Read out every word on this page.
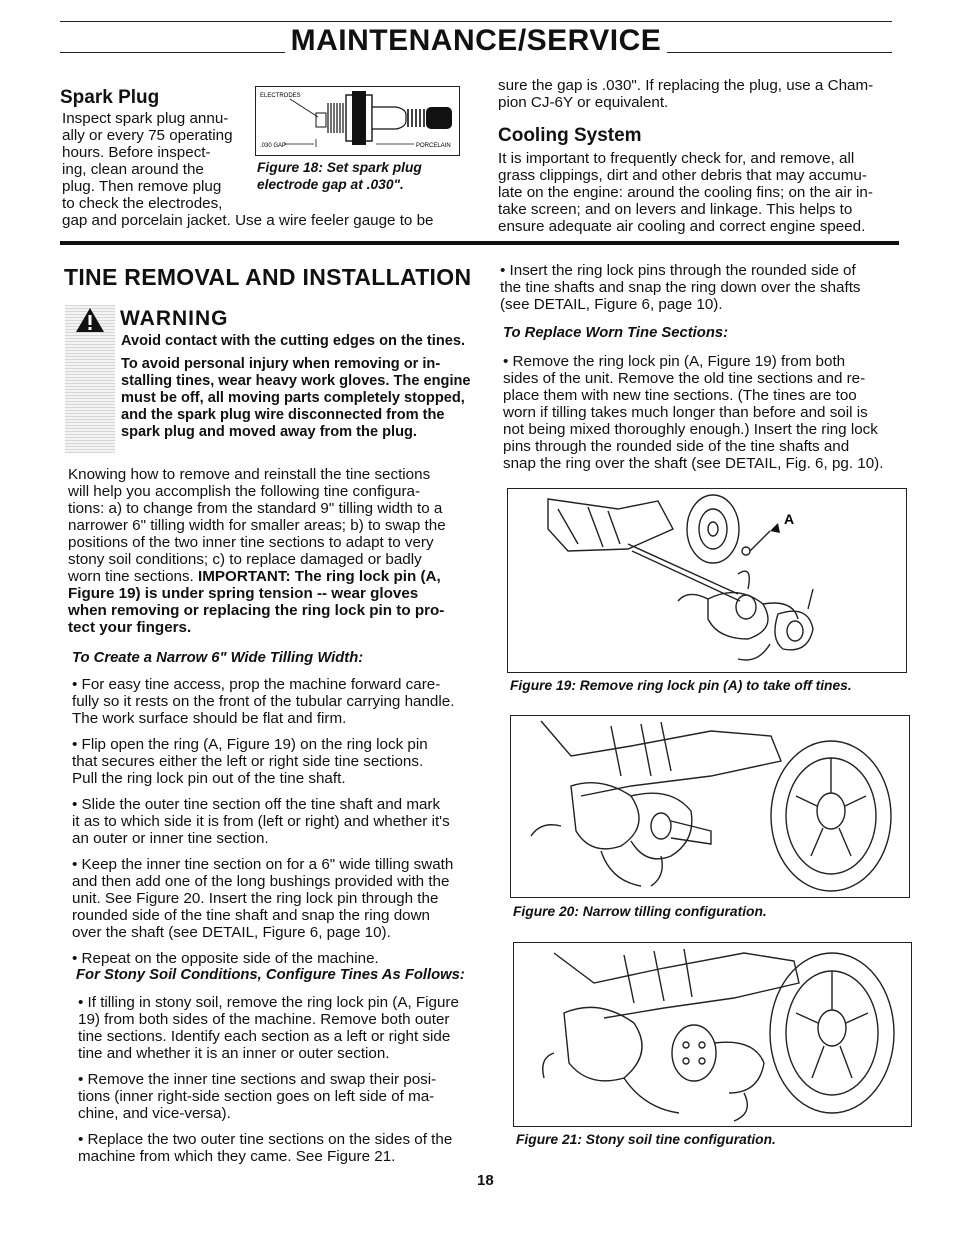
MAINTENANCE/SERVICE
Spark Plug

Inspect spark plug annu-

ally or every 75 operating

hours. Before inspect-

ing, clean around the

plug. Then remove plug

to check the electrodes,

gap and porcelain jacket. Use a wire feeler gauge to be
ELECTRODES
.030 GAP	PORCELAIN
Figure 18: Set spark plug
electrode gap at .030".

sure the gap is .030". If replacing the plug, use a Cham-

pion CJ-6Y or equivalent.

Cooling System

It is important to frequently check for, and remove, all

grass clippings, dirt and other debris that may accumu-

late on the engine: around the cooling fins; on the air in-

take screen; and on levers and linkage. This helps to

ensure adequate air cooling and correct engine speed.

TINE REMOVAL AND INSTALLATION
WARNING
Avoid contact with the cutting edges on the tines.
To avoid personal injury when removing or in-
stalling tines, wear heavy work gloves. The engine
must be off, all moving parts completely stopped,
and the spark plug wire disconnected from the
spark plug and moved away from the plug.

Knowing how to remove and reinstall the tine sections

will help you accomplish the following tine configura-

tions: a) to change from the standard 9" tilling width to a

narrower 6" tilling width for smaller areas; b) to swap the

positions of the two inner tine sections to adapt to very

stony soil conditions; c) to replace damaged or badly

worn tine sections. IMPORTANT: The ring lock pin (A,

Figure 19) is under spring tension -- wear gloves

when removing or replacing the ring lock pin to pro-

tect your fingers.

To Create a Narrow 6" Wide Tilling Width:

• For easy tine access, prop the machine forward care-

fully so it rests on the front of the tubular carrying handle.

The work surface should be flat and firm.

• Flip open the ring (A, Figure 19) on the ring lock pin

that secures either the left or right side tine sections.

Pull the ring lock pin out of the tine shaft.

• Slide the outer tine section off the tine shaft and mark

it as to which side it is from (left or right) and whether it's

an outer or inner tine section.

• Keep the inner tine section on for a 6" wide tilling swath

and then add one of the long bushings provided with the

unit. See Figure 20. Insert the ring lock pin through the

rounded side of the tine shaft and snap the ring down

over the shaft (see DETAIL, Figure 6, page 10).

• Repeat on the opposite side of the machine.

For Stony Soil Conditions, Configure Tines As Follows:

• If tilling in stony soil, remove the ring lock pin (A, Figure

19) from both sides of the machine. Remove both outer

tine sections. Identify each section as a left or right side

tine and whether it is an inner or outer section.

• Remove the inner tine sections and swap their posi-

tions (inner right-side section goes on left side of ma-

chine, and vice-versa).

• Replace the two outer tine sections on the sides of the

machine from which they came. See Figure 21.

• Insert the ring lock pins through the rounded side of

the tine shafts and snap the ring down over the shafts

(see DETAIL, Figure 6, page 10).

To Replace Worn Tine Sections:

• Remove the ring lock pin (A, Figure 19) from both

sides of the unit. Remove the old tine sections and re-

place them with new tine sections. (The tines are too

worn if tilling takes much longer than before and soil is

not being mixed thoroughly enough.) Insert the ring lock

pins through the rounded side of the tine shafts and

snap the ring over the shaft (see DETAIL, Fig. 6, pg. 10).

A
Figure 19: Remove ring lock pin (A) to take off tines.
Figure 20: Narrow tilling configuration.
Figure 21: Stony soil tine configuration.
18
